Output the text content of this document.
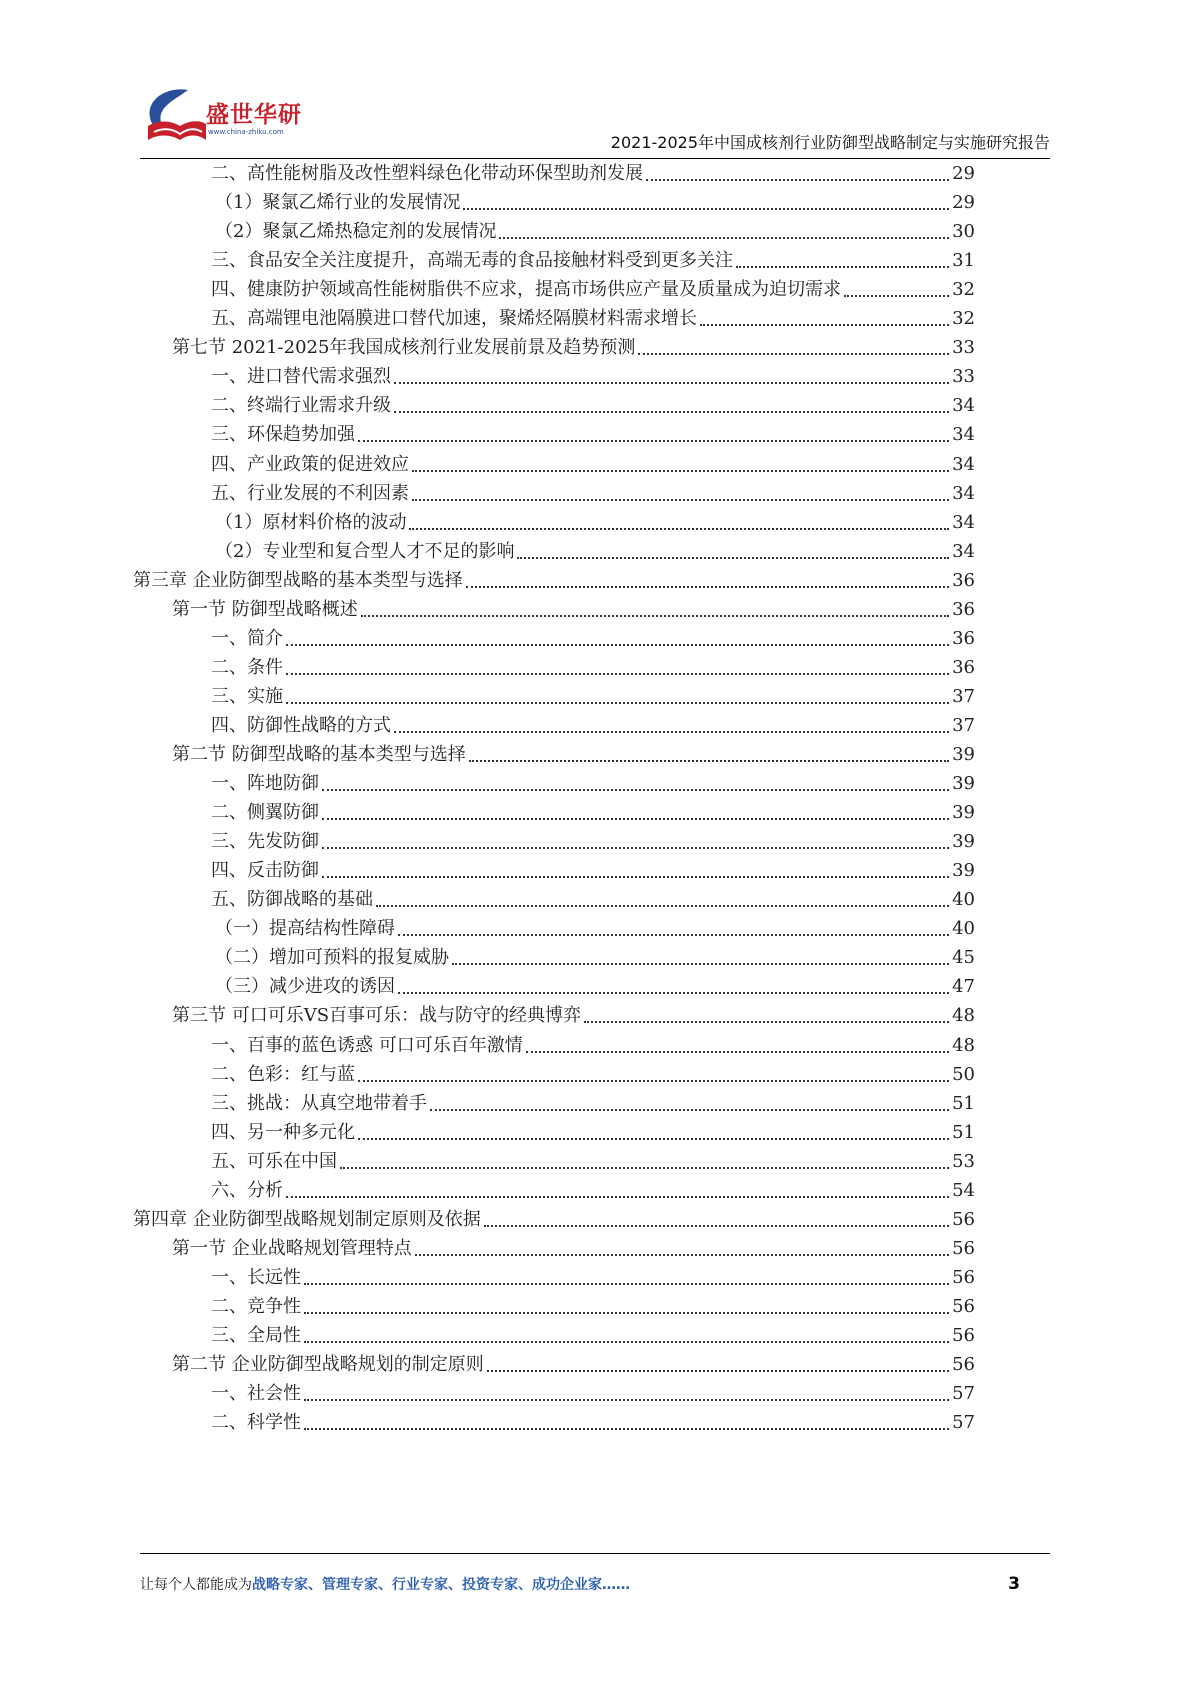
盛世华研
www.china-zhiku.com
2021-2025年中国成核剂行业防御型战略制定与实施研究报告
二、高性能树脂及改性塑料绿色化带动环保型助剂发展	29
（1）聚氯乙烯行业的发展情况	29
（2）聚氯乙烯热稳定剂的发展情况	30
三、食品安全关注度提升，高端无毒的食品接触材料受到更多关注	31
四、健康防护领域高性能树脂供不应求，提高市场供应产量及质量成为迫切需求	32
五、高端锂电池隔膜进口替代加速，聚烯烃隔膜材料需求增长	32
第七节 2021-2025年我国成核剂行业发展前景及趋势预测	33
一、进口替代需求强烈	33
二、终端行业需求升级	34
三、环保趋势加强	34
四、产业政策的促进效应	34
五、行业发展的不利因素	34
（1）原材料价格的波动	34
（2）专业型和复合型人才不足的影响	34
第三章 企业防御型战略的基本类型与选择	36
第一节 防御型战略概述	36
一、简介	36
二、条件	36
三、实施	37
四、防御性战略的方式	37
第二节 防御型战略的基本类型与选择	39
一、阵地防御	39
二、侧翼防御	39
三、先发防御	39
四、反击防御	39
五、防御战略的基础	40
（一）提高结构性障碍	40
（二）增加可预料的报复威胁	45
（三）减少进攻的诱因	47
第三节 可口可乐VS百事可乐：战与防守的经典博弈	48
一、百事的蓝色诱惑 可口可乐百年激情	48
二、色彩：红与蓝	50
三、挑战：从真空地带着手	51
四、另一种多元化	51
五、可乐在中国	53
六、分析	54
第四章 企业防御型战略规划制定原则及依据	56
第一节 企业战略规划管理特点	56
一、长远性	56
二、竞争性	56
三、全局性	56
第二节 企业防御型战略规划的制定原则	56
一、社会性	57
二、科学性	57
让每个人都能成为战略专家、管理专家、行业专家、投资专家、成功企业家……	3
